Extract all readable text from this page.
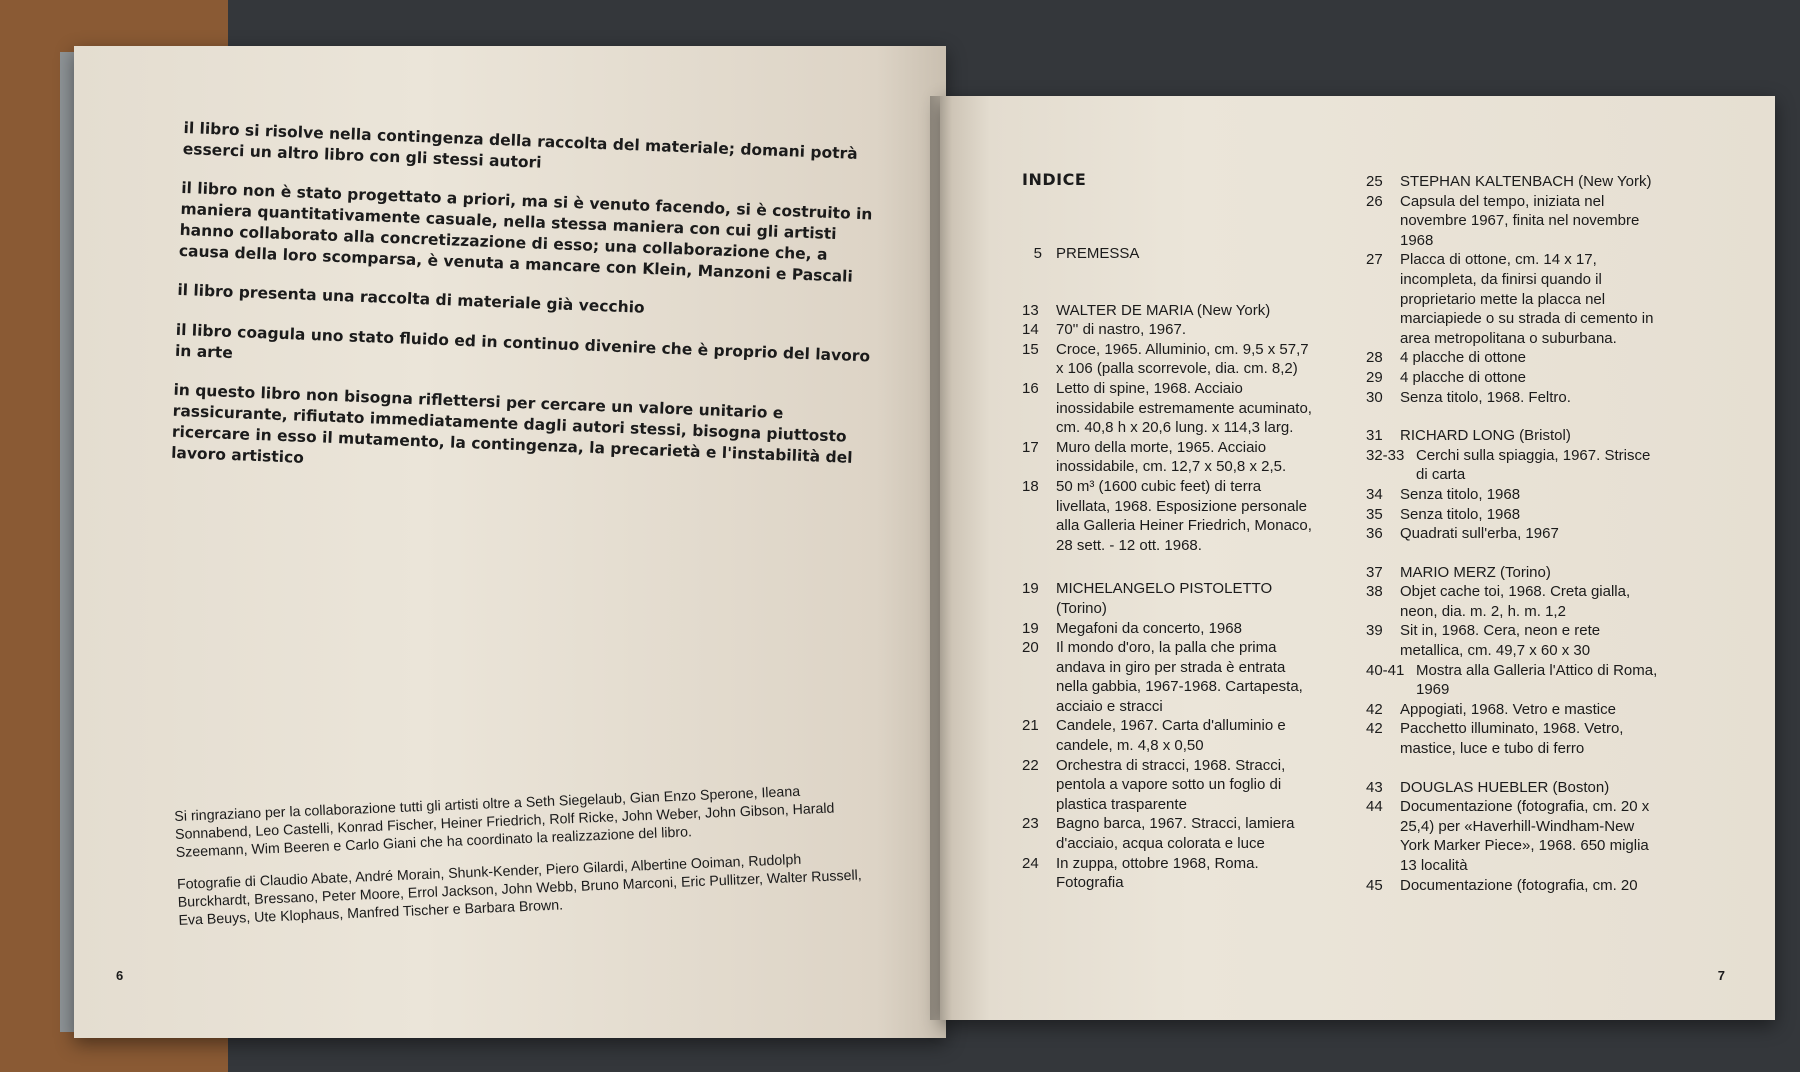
il libro si risolve nella contingenza della raccolta del materiale; domani potrà esserci un altro libro con gli stessi autori

il libro non è stato progettato a priori, ma si è venuto facendo, si è costruito in maniera quantitativamente casuale, nella stessa maniera con cui gli artisti hanno collaborato alla concretizzazione di esso; una collaborazione che, a causa della loro scomparsa, è venuta a mancare con Klein, Manzoni e Pascali

il libro presenta una raccolta di materiale già vecchio

il libro coagula uno stato fluido ed in continuo divenire che è proprio del lavoro in arte

in questo libro non bisogna riflettersi per cercare un valore unitario e rassicurante, rifiutato immediatamente dagli autori stessi, bisogna piuttosto ricercare in esso il mutamento, la contingenza, la precarietà e l'instabilità del lavoro artistico

Si ringraziano per la collaborazione tutti gli artisti oltre a Seth Siegelaub, Gian Enzo Sperone, Ileana Sonnabend, Leo Castelli, Konrad Fischer, Heiner Friedrich, Rolf Ricke, John Weber, John Gibson, Harald Szeemann, Wim Beeren e Carlo Giani che ha coordinato la realizzazione del libro.

Fotografie di Claudio Abate, André Morain, Shunk-Kender, Piero Gilardi, Albertine Ooiman, Rudolph Burckhardt, Bressano, Peter Moore, Errol Jackson, John Webb, Bruno Marconi, Eric Pullitzer, Walter Russell, Eva Beuys, Ute Klophaus, Manfred Tischer e Barbara Brown.

6
INDICE
5 PREMESSA
13	WALTER DE MARIA (New York)
14	70'' di nastro, 1967.
15	Croce, 1965. Alluminio, cm. 9,5 x 57,7 x 106 (palla scorrevole, dia. cm. 8,2)
16	Letto di spine, 1968. Acciaio inossidabile estremamente acuminato, cm. 40,8 h x 20,6 lung. x 114,3 larg.
17	Muro della morte, 1965. Acciaio inossidabile, cm. 12,7 x 50,8 x 2,5.
18	50 m³ (1600 cubic feet) di terra livellata, 1968. Esposizione personale alla Galleria Heiner Friedrich, Monaco, 28 sett. - 12 ott. 1968.
19	MICHELANGELO PISTOLETTO (Torino)
19	Megafoni da concerto, 1968
20	Il mondo d'oro, la palla che prima andava in giro per strada è entrata nella gabbia, 1967-1968. Cartapesta, acciaio e stracci
21	Candele, 1967. Carta d'alluminio e candele, m. 4,8 x 0,50
22	Orchestra di stracci, 1968. Stracci, pentola a vapore sotto un foglio di plastica trasparente
23	Bagno barca, 1967. Stracci, lamiera d'acciaio, acqua colorata e luce
24	In zuppa, ottobre 1968, Roma. Fotografia
25	STEPHAN KALTENBACH (New York)
26	Capsula del tempo, iniziata nel novembre 1967, finita nel novembre 1968
27	Placca di ottone, cm. 14 x 17, incompleta, da finirsi quando il proprietario mette la placca nel marciapiede o su strada di cemento in area metropolitana o suburbana.
28	4 placche di ottone
29	4 placche di ottone
30	Senza titolo, 1968. Feltro.
31	RICHARD LONG (Bristol)
32-33 Cerchi sulla spiaggia, 1967. Strisce di carta
34	Senza titolo, 1968
35	Senza titolo, 1968
36	Quadrati sull'erba, 1967
37	MARIO MERZ (Torino)
38	Objet cache toi, 1968. Creta gialla, neon, dia. m. 2, h. m. 1,2
39	Sit in, 1968. Cera, neon e rete metallica, cm. 49,7 x 60 x 30
40-41 Mostra alla Galleria l'Attico di Roma, 1969
42	Appogiati, 1968. Vetro e mastice
42	Pacchetto illuminato, 1968. Vetro, mastice, luce e tubo di ferro
43	DOUGLAS HUEBLER (Boston)
44	Documentazione (fotografia, cm. 20 x 25,4) per «Haverhill-Windham-New York Marker Piece», 1968. 650 miglia 13 località
45	Documentazione (fotografia, cm. 20
7
